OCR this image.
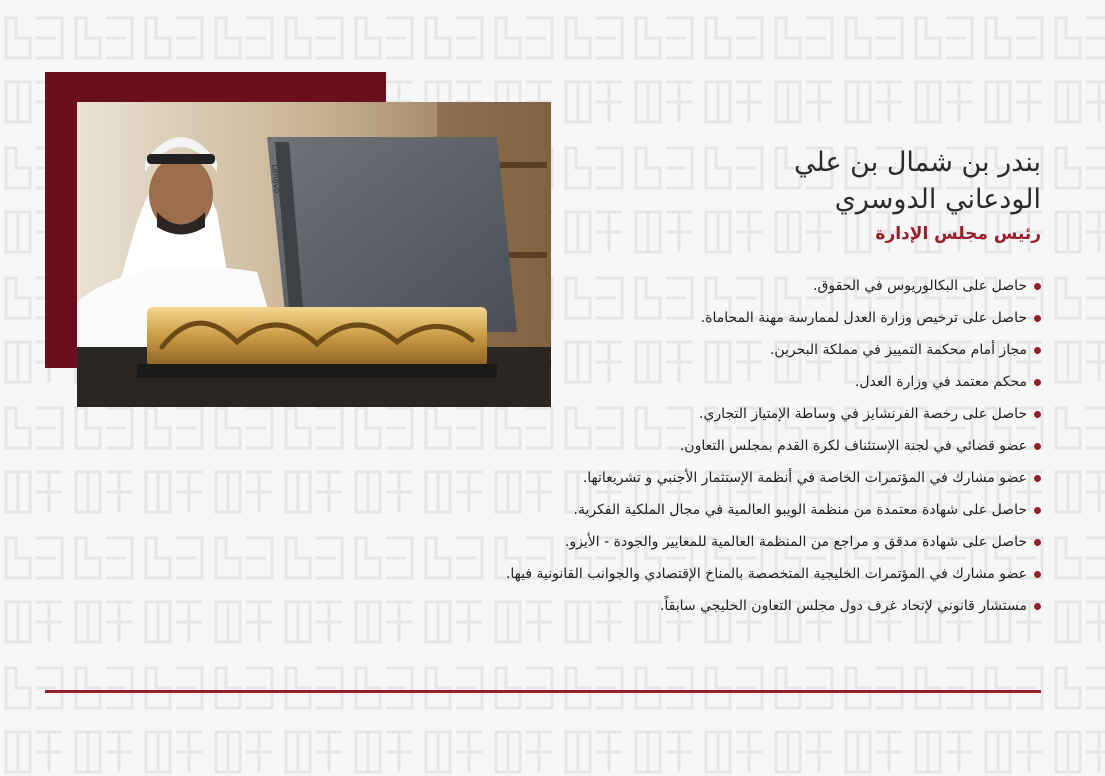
Lenovo
بندر بن شمال بن علي
الودعاني الدوسري
رئيس مجلس الإدارة
حاصل على البكالوريوس في الحقوق.
حاصل على ترخيص وزارة العدل لممارسة مهنة المحاماة.
مجاز أمام محكمة التمييز في مملكة البحرين.
محكم معتمد في وزارة العدل.
حاصل على رخصة الفرنشايز في وساطة الإمتياز التجاري.
عضو قضائي في لجنة الإستئناف لكرة القدم بمجلس التعاون.
عضو مشارك في المؤتمرات الخاصة في أنظمة الإستثمار الأجنبي و تشريعاتها.
حاصل على شهادة معتمدة من منظمة الويبو العالمية في مجال الملكية الفكرية.
حاصل على شهادة مدقق و مراجع من المنظمة العالمية للمعايير والجودة - الأيزو.
عضو مشارك في المؤتمرات الخليجية المتخصصة بالمناخ الإقتصادي والجوانب القانونية فيها.
مستشار قانوني لإتحاد غرف دول مجلس التعاون الخليجي سابقاً.
